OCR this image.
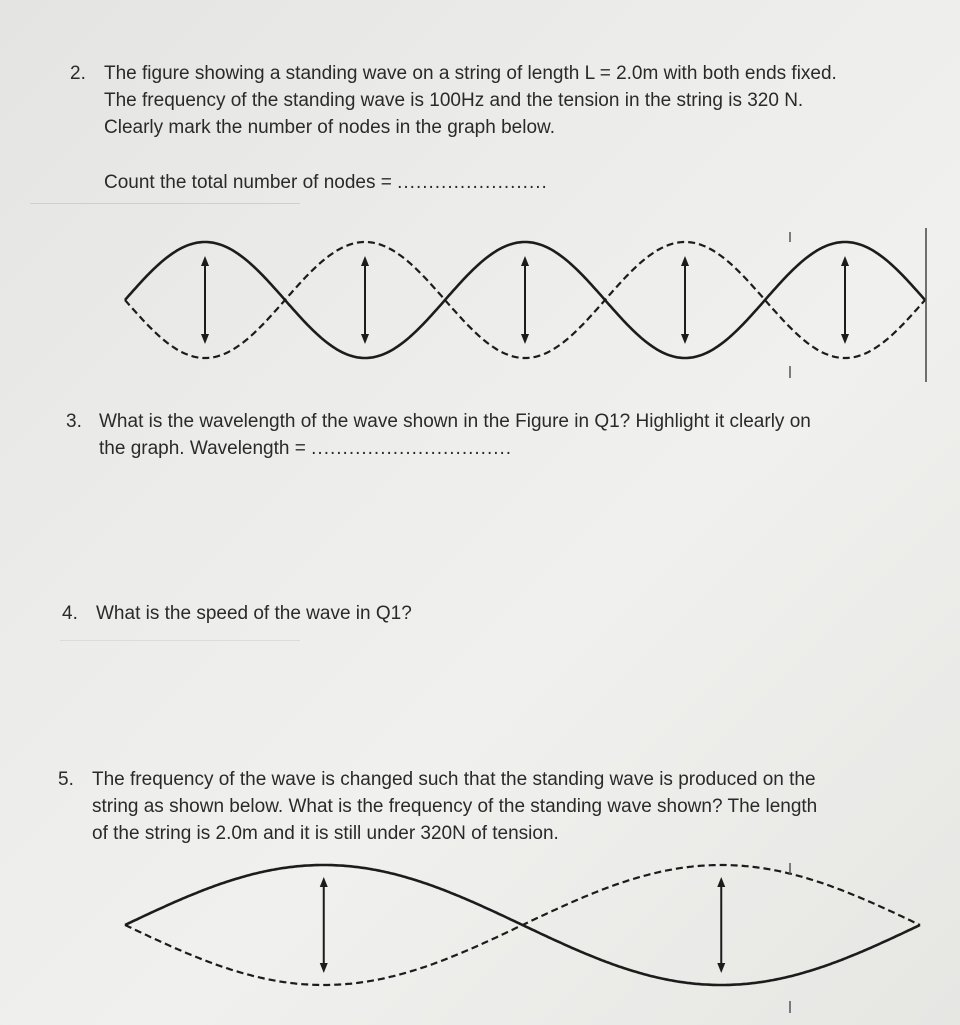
2. The figure showing a standing wave on a string of length L = 2.0m with both ends fixed.
The frequency of the standing wave is 100Hz and the tension in the string is 320 N.
Clearly mark the number of nodes in the graph below.
Count the total number of nodes = ........................
3. What is the wavelength of the wave shown in the Figure in Q1? Highlight it clearly on
the graph. Wavelength = ................................
4. What is the speed of the wave in Q1?
5. The frequency of the wave is changed such that the standing wave is produced on the
string as shown below. What is the frequency of the standing wave shown? The length
of the string is 2.0m and it is still under 320N of tension.
